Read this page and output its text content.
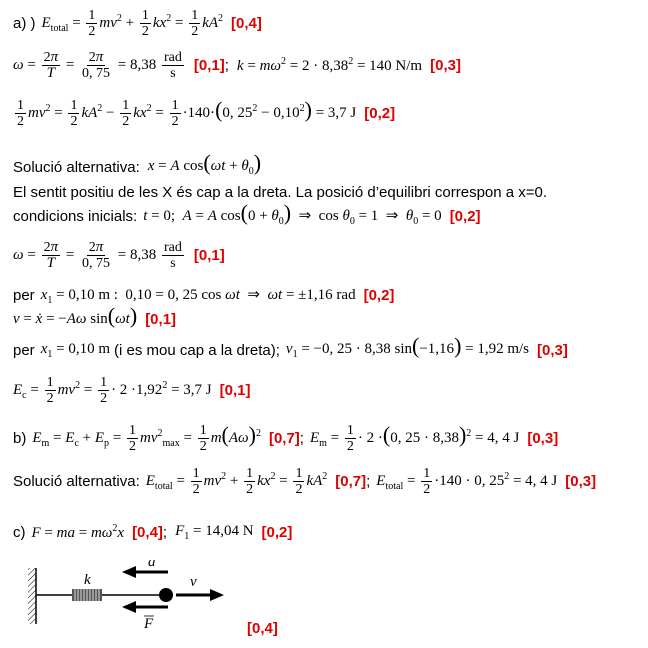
a) ) $E_{total} = \frac{1}{2} mv^2 + \frac{1}{2} kx^2 = \frac{1}{2} kA^2$ [0,4]
$\omega = \frac{2\pi}{T} = \frac{2\pi}{0, 75} = 8,38 \frac{\text{rad}}{s} [0,1]$ ; $k = m\omega^2 = 2 \cdot 8,38^2 = 140$ N/m [0,3]
$\frac{1}{2} mv^2 = \frac{1}{2} kA^2 - \frac{1}{2} kx^2 = \frac{1}{2} \cdot 140\cdot(0$, $25^2 - 0,10^2) = 3,7$ J [0,2]
Solució alternativa: x = A $\cos(\omega t + \theta_0)$
El sentit positiu de les X és cap a la dreta. La posició d’equilibri correspon a x=0.
condicions inicials: t = 0;  A = A $\cos(0 + \theta_0)$  ⇒  $\cos \theta_0 = 1$  ⇒  $\theta_0 = 0$ [0,2]
$\omega = \frac{2\pi}{T} = \frac{2\pi}{0, 75} = 8,38 \frac{\text{rad}}{s} [0,1]$
per $x_1 = 0,10$ m :  0,10 = 0, 25 cos ωt  ⇒  ωt = ±1,16 rad [0,2]
v = ẋ = −Aω sin(ωt) [0,1]
per $x_1 = 0,10$ m (i es mou cap a la dreta); $v_1 = -0$, 25 · 8,38 sin(−1,16) = 1,92 m/s [0,3]
$E_c = \frac{1}{2} mv^2 = \frac{1}{2} \cdot 2 \cdot 1,92^2 = 3,7$ J [0,1]
b) $E_m = E_c + E_p = \frac{1}{2} mv^2_{max} = \frac{1}{2} m(A\omega)^2$ [0,7] ; $E_m = \frac{1}{2} \cdot 2 \cdot(0$, 25 · 8,38)$^2$ = 4, 4 J [0,3]
Solució alternativa: $E_{total} = \frac{1}{2} mv^2 + \frac{1}{2} kx^2 = \frac{1}{2} kA^2$ [0,7] ; $E_{total} = \frac{1}{2} \cdot 140 \cdot 0$, $25^2 = 4$, 4 J [0,3]
c) F = ma = $m\omega^2x$ [0,4] ; $F_1 = 14,04$ N [0,2]
k
a
v
F	[0,4]
